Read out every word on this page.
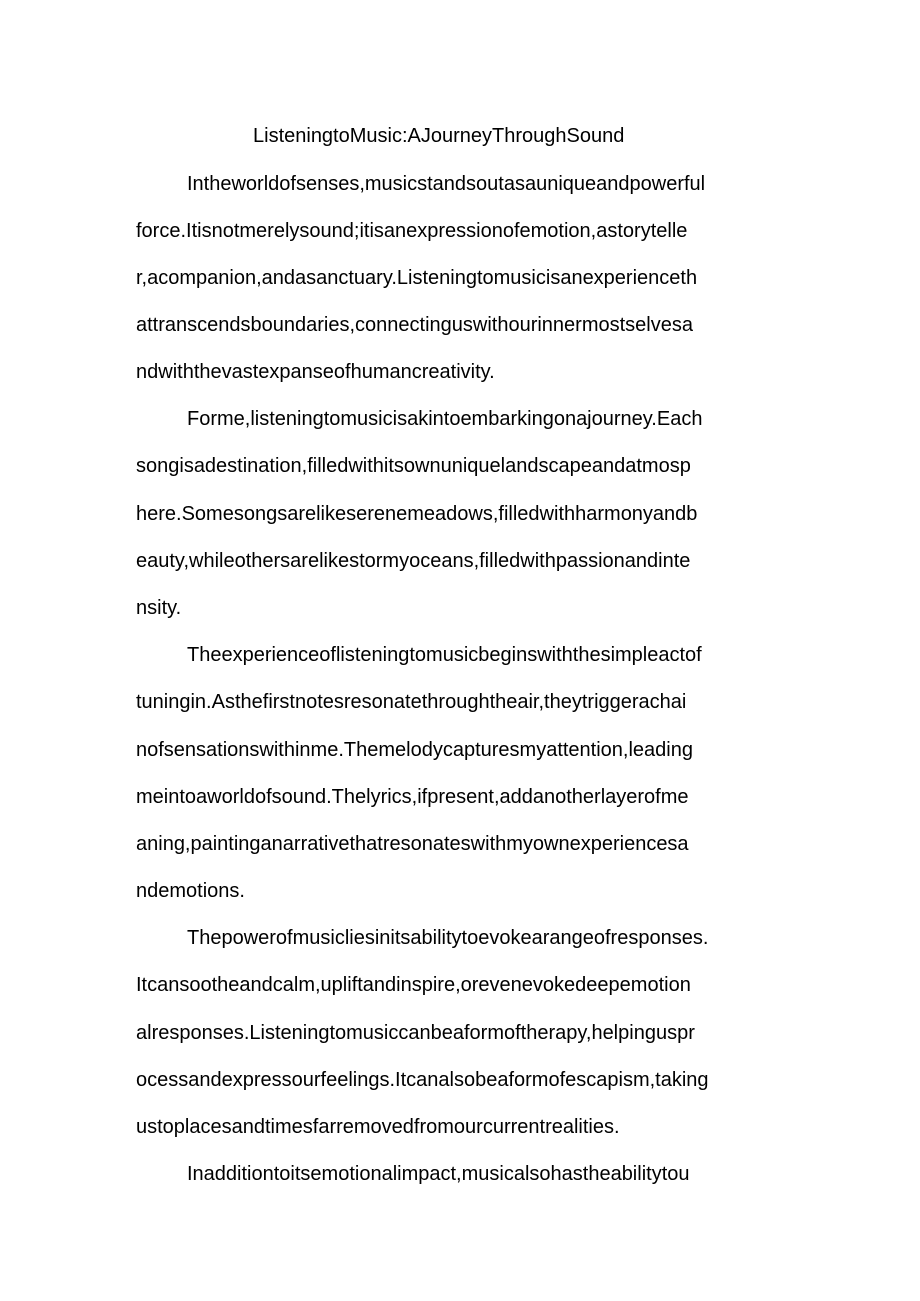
ListeningtoMusic:AJourneyThroughSound

Intheworldofsenses,musicstandsoutasauniqueandpowerful

force.Itisnotmerelysound;itisanexpressionofemotion,astorytelle

r,acompanion,andasanctuary.Listeningtomusicisanexperienceth

attranscendsboundaries,connectinguswithourinnermostselvesa

ndwiththevastexpanseofhumancreativity.

Forme,listeningtomusicisakintoembarkingonajourney.Each

songisadestination,filledwithitsownuniquelandscapeandatmosp

here.Somesongsarelikeserenemeadows,filledwithharmonyandb

eauty,whileothersarelikestormyoceans,filledwithpassionandinte

nsity.

Theexperienceoflisteningtomusicbeginswiththesimpleactof

tuningin.Asthefirstnotesresonatethroughtheair,theytriggerachai

nofsensationswithinme.Themelodycapturesmyattention,leading

meintoaworldofsound.Thelyrics,ifpresent,addanotherlayerofme

aning,paintinganarrativethatresonateswithmyownexperiencesa

ndemotions.

Thepowerofmusicliesinitsabilitytoevokearangeofresponses.

Itcansootheandcalm,upliftandinspire,orevenevokedeepemotion

alresponses.Listeningtomusiccanbeaformoftherapy,helpinguspr

ocessandexpressourfeelings.Itcanalsobeaformofescapism,taking

ustoplacesandtimesfarremovedfromourcurrentrealities.

Inadditiontoitsemotionalimpact,musicalsohastheabilitytou
